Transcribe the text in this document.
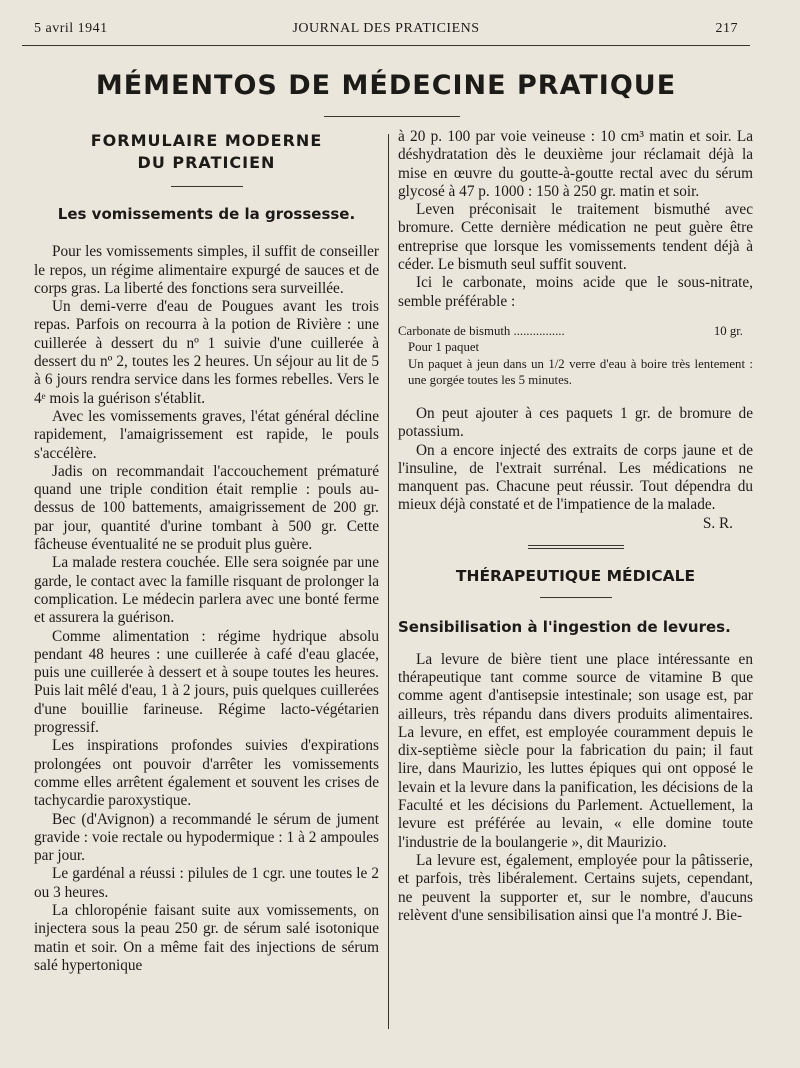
5 avril 1941	JOURNAL DES PRATICIENS	217
MÉMENTOS DE MÉDECINE PRATIQUE

FORMULAIRE MODERNE

DU PRATICIEN

Les vomissements de la grossesse.

Pour les vomissements simples, il suffit de conseiller le repos, un régime alimentaire expurgé de sauces et de corps gras. La liberté des fonctions sera surveillée.

Un demi-verre d'eau de Pougues avant les trois repas. Parfois on recourra à la potion de Rivière : une cuillerée à dessert du nº 1 suivie d'une cuillerée à dessert du nº 2, toutes les 2 heures. Un séjour au lit de 5 à 6 jours rendra service dans les formes rebelles. Vers le 4ᵉ mois la guérison s'établit.

Avec les vomissements graves, l'état général décline rapidement, l'amaigrissement est rapide, le pouls s'accélère.

Jadis on recommandait l'accouchement prématuré quand une triple condition était remplie : pouls au-dessus de 100 battements, amaigrissement de 200 gr. par jour, quantité d'urine tombant à 500 gr. Cette fâcheuse éventualité ne se produit plus guère.

La malade restera couchée. Elle sera soignée par une garde, le contact avec la famille risquant de prolonger la complication. Le médecin parlera avec une bonté ferme et assurera la guérison.

Comme alimentation : régime hydrique absolu pendant 48 heures : une cuillerée à café d'eau glacée, puis une cuillerée à dessert et à soupe toutes les heures. Puis lait mêlé d'eau, 1 à 2 jours, puis quelques cuillerées d'une bouillie farineuse. Régime lacto-végétarien progressif.

Les inspirations profondes suivies d'expirations prolongées ont pouvoir d'arrêter les vomissements comme elles arrêtent également et souvent les crises de tachycardie paroxystique.

Bec (d'Avignon) a recommandé le sérum de jument gravide : voie rectale ou hypodermique : 1 à 2 ampoules par jour.

Le gardénal a réussi : pilules de 1 cgr. une toutes le 2 ou 3 heures.

La chloropénie faisant suite aux vomissements, on injectera sous la peau 250 gr. de sérum salé isotonique matin et soir. On a même fait des injections de sérum salé hypertonique

à 20 p. 100 par voie veineuse : 10 cm³ matin et soir. La déshydratation dès le deuxième jour réclamait déjà la mise en œuvre du goutte-à-goutte rectal avec du sérum glycosé à 47 p. 1000 : 150 à 250 gr. matin et soir.

Leven préconisait le traitement bismuthé avec bromure. Cette dernière médication ne peut guère être entreprise que lorsque les vomissements tendent déjà à céder. Le bismuth seul suffit souvent.

Ici le carbonate, moins acide que le sous-nitrate, semble préférable :

Carbonate de bismuth ................	10 gr.
Pour 1 paquet
Un paquet à jeun dans un 1/2 verre d'eau à boire très lentement : une gorgée toutes les 5 minutes.

On peut ajouter à ces paquets 1 gr. de bromure de potassium.

On a encore injecté des extraits de corps jaune et de l'insuline, de l'extrait surrénal. Les médications ne manquent pas. Chacune peut réussir. Tout dépendra du mieux déjà constaté et de l'impatience de la malade.

S. R.

THÉRAPEUTIQUE MÉDICALE
Sensibilisation à l'ingestion de levures.

La levure de bière tient une place intéressante en thérapeutique tant comme source de vitamine B que comme agent d'antisepsie intestinale; son usage est, par ailleurs, très répandu dans divers produits alimentaires. La levure, en effet, est employée couramment depuis le dix-septième siècle pour la fabrication du pain; il faut lire, dans Maurizio, les luttes épiques qui ont opposé le levain et la levure dans la panification, les décisions de la Faculté et les décisions du Parlement. Actuellement, la levure est préférée au levain, « elle domine toute l'industrie de la boulangerie », dit Maurizio.

La levure est, également, employée pour la pâtisserie, et parfois, très libéralement. Certains sujets, cependant, ne peuvent la supporter et, sur le nombre, d'aucuns relèvent d'une sensibilisation ainsi que l'a montré J. Bie-
